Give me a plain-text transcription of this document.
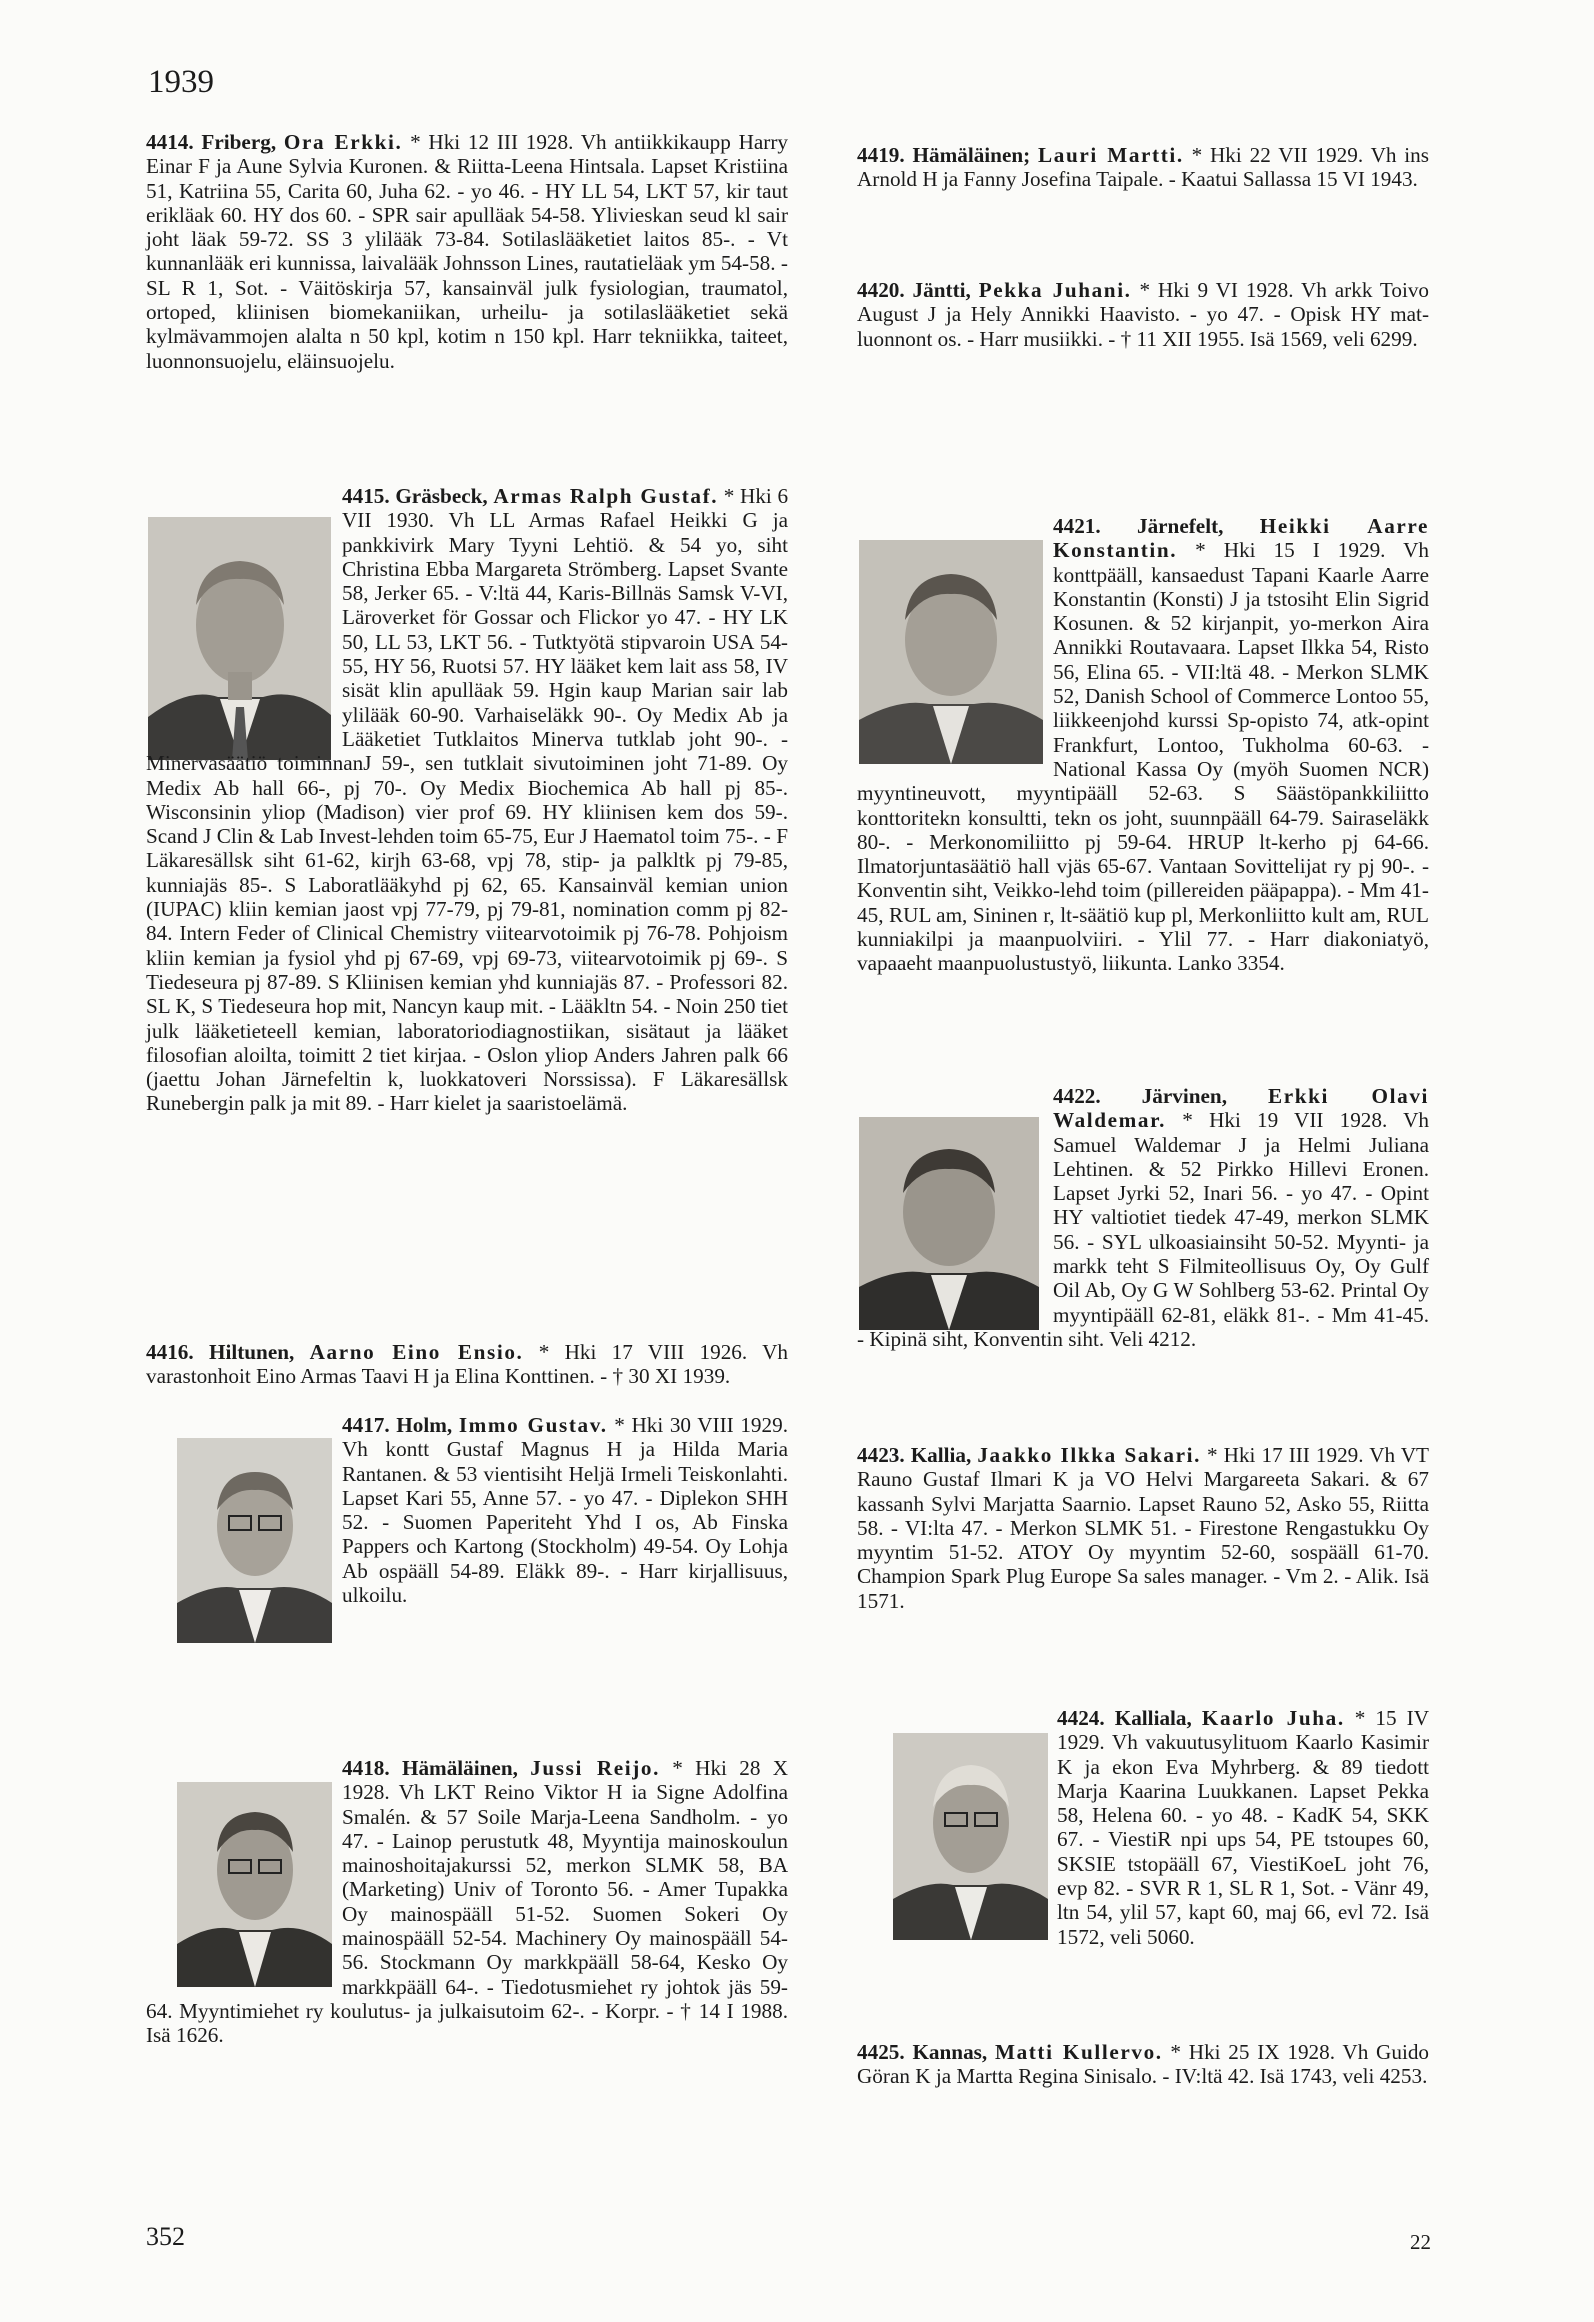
1939
4414. Friberg, Ora Erkki. * Hki 12 III 1928. Vh antiikkikaupp Harry Einar F ja Aune Sylvia Kuronen. & Riitta-Leena Hintsala. Lapset Kristiina 51, Katriina 55, Carita 60, Juha 62. - yo 46. - HY LL 54, LKT 57, kir taut erikläak 60. HY dos 60. - SPR sair apulläak 54-58. Ylivieskan seud kl sair joht läak 59-72. SS 3 ylilääk 73-84. Sotilaslääketiet laitos 85-. - Vt kunnanlääk eri kunnissa, laivalääk Johnsson Lines, rautatieläak ym 54-58. - SL R 1, Sot. - Väitöskirja 57, kansainväl julk fysiologian, traumatol, ortoped, kliinisen biomekaniikan, urheilu- ja sotilaslääketiet sekä kylmävammojen alalta n 50 kpl, kotim n 150 kpl. Harr tekniikka, taiteet, luonnonsuojelu, eläinsuojelu.
4415. Gräsbeck, Armas Ralph Gustaf. * Hki 6 VII 1930. Vh LL Armas Rafael Heikki G ja pankkivirk Mary Tyyni Lehtiö. & 54 yo, siht Christina Ebba Margareta Strömberg. Lapset Svante 58, Jerker 65. - V:ltä 44, Karis-Billnäs Samsk V-VI, Läroverket för Gossar och Flickor yo 47. - HY LK 50, LL 53, LKT 56. - Tutktyötä stipvaroin USA 54-55, HY 56, Ruotsi 57. HY lääket kem lait ass 58, IV sisät klin apulläak 59. Hgin kaup Marian sair lab ylilääk 60-90. Varhaiseläkk 90-. Oy Medix Ab ja Lääketiet Tutklaitos Minerva tutklab joht 90-. - Minervasäätiö toiminnanJ 59-, sen tutklait sivutoiminen joht 71-89. Oy Medix Ab hall 66-, pj 70-. Oy Medix Biochemica Ab hall pj 85-. Wisconsinin yliop (Madison) vier prof 69. HY kliinisen kem dos 59-. Scand J Clin & Lab Invest-lehden toim 65-75, Eur J Haematol toim 75-. - F Läkaresällsk siht 61-62, kirjh 63-68, vpj 78, stip- ja palkltk pj 79-85, kunniajäs 85-. S Laboratlääkyhd pj 62, 65. Kansainväl kemian union (IUPAC) kliin kemian jaost vpj 77-79, pj 79-81, nomination comm pj 82-84. Intern Feder of Clinical Chemistry viitearvotoimik pj 76-78. Pohjoism kliin kemian ja fysiol yhd pj 67-69, vpj 69-73, viitearvotoimik pj 69-. S Tiedeseura pj 87-89. S Kliinisen kemian yhd kunniajäs 87. - Professori 82. SL K, S Tiedeseura hop mit, Nancyn kaup mit. - Lääkltn 54. - Noin 250 tiet julk lääketieteell kemian, laboratoriodiagnostiikan, sisätaut ja lääket filosofian aloilta, toimitt 2 tiet kirjaa. - Oslon yliop Anders Jahren palk 66 (jaettu Johan Järnefeltin k, luokkatoveri Norssissa). F Läkaresällsk Runebergin palk ja mit 89. - Harr kielet ja saaristoelämä.
4416. Hiltunen, Aarno Eino Ensio. * Hki 17 VIII 1926. Vh varastonhoit Eino Armas Taavi H ja Elina Konttinen. - † 30 XI 1939.
4417. Holm, Immo Gustav. * Hki 30 VIII 1929. Vh kontt Gustaf Magnus H ja Hilda Maria Rantanen. & 53 vientisiht Heljä Irmeli Teiskonlahti. Lapset Kari 55, Anne 57. - yo 47. - Diplekon SHH 52. - Suomen Paperiteht Yhd I os, Ab Finska Pappers och Kartong (Stockholm) 49-54. Oy Lohja Ab ospääll 54-89. Eläkk 89-. - Harr kirjallisuus, ulkoilu.
4418. Hämäläinen, Jussi Reijo. * Hki 28 X 1928. Vh LKT Reino Viktor H ia Signe Adolfina Smalén. & 57 Soile Marja-Leena Sandholm. - yo 47. - Lainop perustutk 48, Myyntija mainoskoulun mainoshoitajakurssi 52, merkon SLMK 58, BA (Marketing) Univ of Toronto 56. - Amer Tupakka Oy mainospääll 51-52. Suomen Sokeri Oy mainospääll 52-54. Machinery Oy mainospääll 54-56. Stockmann Oy markkpääll 58-64, Kesko Oy markkpääll 64-. - Tiedotusmiehet ry johtok jäs 59-64. Myyntimiehet ry koulutus- ja julkaisutoim 62-. - Korpr. - † 14 I 1988. Isä 1626.
352
4419. Hämäläinen; Lauri Martti. * Hki 22 VII 1929. Vh ins Arnold H ja Fanny Josefina Taipale. - Kaatui Sallassa 15 VI 1943.
4420. Jäntti, Pekka Juhani. * Hki 9 VI 1928. Vh arkk Toivo August J ja Hely Annikki Haavisto. - yo 47. - Opisk HY mat-luonnont os. - Harr musiikki. - † 11 XII 1955. Isä 1569, veli 6299.
4421. Järnefelt, Heikki Aarre Konstantin. * Hki 15 I 1929. Vh konttpääll, kansaedust Tapani Kaarle Aarre Konstantin (Konsti) J ja tstosiht Elin Sigrid Kosunen. & 52 kirjanpit, yo-merkon Aira Annikki Routavaara. Lapset Ilkka 54, Risto 56, Elina 65. - VII:ltä 48. - Merkon SLMK 52, Danish School of Commerce Lontoo 55, liikkeenjohd kurssi Sp-opisto 74, atk-opint Frankfurt, Lontoo, Tukholma 60-63. - National Kassa Oy (myöh Suomen NCR) myyntineuvott, myyntipääll 52-63. S Säästöpankkiliitto konttoritekn konsultti, tekn os joht, suunnpääll 64-79. Sairaseläkk 80-. - Merkonomiliitto pj 59-64. HRUP lt-kerho pj 64-66. Ilmatorjuntasäätiö hall vjäs 65-67. Vantaan Sovittelijat ry pj 90-. - Konventin siht, Veikko-lehd toim (pillereiden pääpappa). - Mm 41-45, RUL am, Sininen r, lt-säätiö kup pl, Merkonliitto kult am, RUL kunniakilpi ja maanpuolviiri. - Ylil 77. - Harr diakoniatyö, vapaaeht maanpuolustustyö, liikunta. Lanko 3354.
4422. Järvinen, Erkki Olavi Waldemar. * Hki 19 VII 1928. Vh Samuel Waldemar J ja Helmi Juliana Lehtinen. & 52 Pirkko Hillevi Eronen. Lapset Jyrki 52, Inari 56. - yo 47. - Opint HY valtiotiet tiedek 47-49, merkon SLMK 56. - SYL ulkoasiainsiht 50-52. Myynti- ja markk teht S Filmiteollisuus Oy, Oy Gulf Oil Ab, Oy G W Sohlberg 53-62. Printal Oy myyntipääll 62-81, eläkk 81-. - Mm 41-45. - Kipinä siht, Konventin siht. Veli 4212.
4423. Kallia, Jaakko Ilkka Sakari. * Hki 17 III 1929. Vh VT Rauno Gustaf Ilmari K ja VO Helvi Margareeta Sakari. & 67 kassanh Sylvi Marjatta Saarnio. Lapset Rauno 52, Asko 55, Riitta 58. - VI:lta 47. - Merkon SLMK 51. - Firestone Rengastukku Oy myyntim 51-52. ATOY Oy myyntim 52-60, sospääll 61-70. Champion Spark Plug Europe Sa sales manager. - Vm 2. - Alik. Isä 1571.
4424. Kalliala, Kaarlo Juha. * 15 IV 1929. Vh vakuutusylituom Kaarlo Kasimir K ja ekon Eva Myhrberg. & 89 tiedott Marja Kaarina Luukkanen. Lapset Pekka 58, Helena 60. - yo 48. - KadK 54, SKK 67. - ViestiR npi ups 54, PE tstoupes 60, SKSIE tstopääll 67, ViestiKoeL joht 76, evp 82. - SVR R 1, SL R 1, Sot. - Vänr 49, ltn 54, ylil 57, kapt 60, maj 66, evl 72. Isä 1572, veli 5060.
4425. Kannas, Matti Kullervo. * Hki 25 IX 1928. Vh Guido Göran K ja Martta Regina Sinisalo. - IV:ltä 42. Isä 1743, veli 4253.
22
